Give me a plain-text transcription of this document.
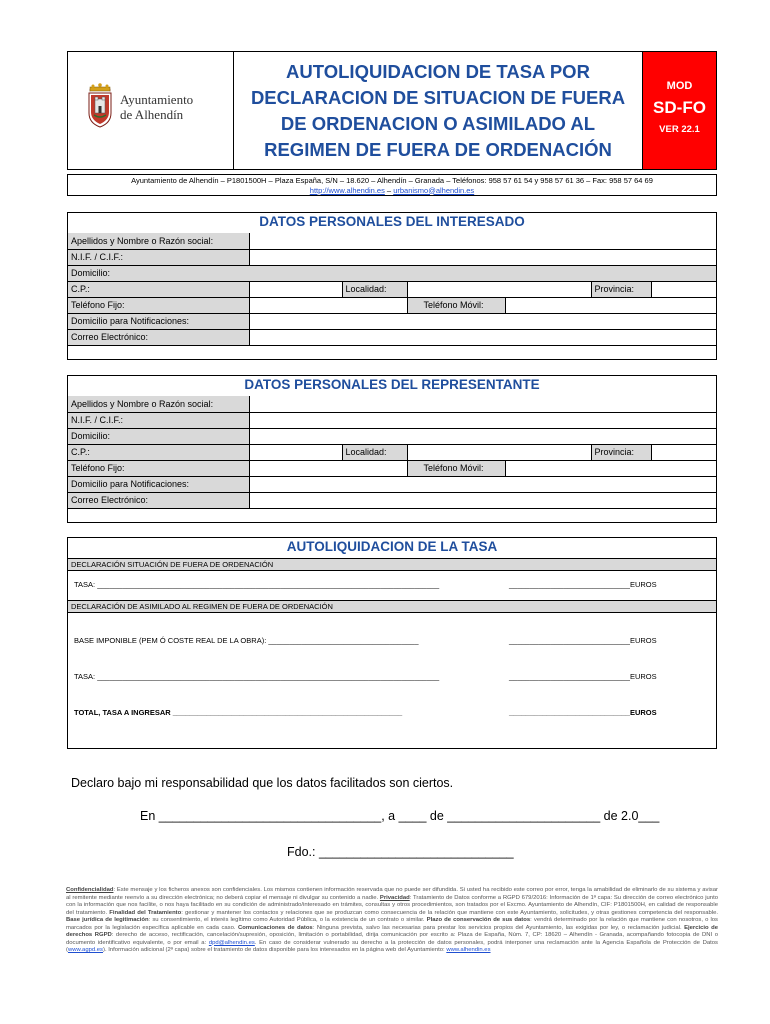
Ayuntamiento
de Alhendín

AUTOLIQUIDACION DE TASA POR
DECLARACION DE SITUACION DE FUERA
DE ORDENACION O ASIMILADO AL
REGIMEN DE FUERA DE ORDENACIÓN

MOD
SD-FO
VER 22.1
Ayuntamiento de Alhendín – P1801500H – Plaza España, S/N – 18.620 – Alhendín – Granada – Teléfonos: 958 57 61 54 y 958 57 61 36 – Fax: 958 57 64 69
http://www.alhendin.es – urbanismo@alhendin.es
DATOS PERSONALES DEL INTERESADO
Apellidos y Nombre o Razón social:					
N.I.F. / C.I.F.:					
Domicilio:					
C.P.:		Localidad:			Provincia:

Teléfono Fijo:			Teléfono Móvil:		
Domicilio para Notificaciones:					
Correo Electrónico:					
DATOS PERSONALES DEL REPRESENTANTE
Apellidos y Nombre o Razón social:					
N.I.F. / C.I.F.:					
Domicilio:					
C.P.:		Localidad:			Provincia:

Teléfono Fijo:			Teléfono Móvil:		
Domicilio para Notificaciones:					
Correo Electrónico:					
AUTOLIQUIDACION DE LA TASA
DECLARACIÓN SITUACIÓN DE FUERA DE ORDENACIÓN
TASA: __________________________________________________________________________________	_____________________________EUROS
DECLARACIÓN DE ASIMILADO AL REGIMEN DE FUERA DE ORDENACIÓN
BASE IMPONIBLE (PEM Ó COSTE REAL DE LA OBRA): ____________________________________	_____________________________EUROS
TASA: __________________________________________________________________________________	_____________________________EUROS
TOTAL, TASA A INGRESAR _______________________________________________________	_____________________________EUROS
Declaro bajo mi responsabilidad que los datos facilitados son ciertos.
En ________________________________, a ____ de ______________________ de 2.0___
Fdo.: ____________________________
Confidencialidad: Este mensaje y los ficheros anexos son confidenciales. Los mismos contienen información reservada que no puede ser difundida. Si usted ha recibido este correo por error, tenga la amabilidad de eliminarlo de su sistema y avisar al remitente mediante reenvío a su dirección electrónica; no deberá copiar el mensaje ni divulgar su contenido a nadie. Privacidad: Tratamiento de Datos conforme a RGPD 679/2016: Información de 1ª capa: Su dirección de correo electrónico junto con la información que nos facilite, o nos haya facilitado en su condición de administrado/interesado en trámites, consultas y otros procedimientos, son tratados por el Excmo. Ayuntamiento de Alhendín, CIF: P1801500H, en calidad de responsable del tratamiento. Finalidad del Tratamiento: gestionar y mantener los contactos y relaciones que se produzcan como consecuencia de la relación que mantiene con este Ayuntamiento, solicitudes, y otras gestiones competencia del responsable. Base jurídica de legitimación: su consentimiento, el interés legítimo como Autoridad Pública, o la existencia de un contrato o similar. Plazo de conservación de sus datos: vendrá determinado por la relación que mantiene con nosotros, o los marcados por la legislación específica aplicable en cada caso. Comunicaciones de datos: Ninguna prevista, salvo las necesarias para prestar los servicios propios del Ayuntamiento, las exigidas por ley, o reclamación judicial. Ejercicio de derechos RGPD: derecho de acceso, rectificación, cancelación/supresión, oposición, limitación o portabilidad, dirija comunicación por escrito a: Plaza de España, Núm. 7, CP: 18620 – Alhendín - Granada, acompañando fotocopia de DNI o documento identificativo equivalente, o por email a: dpd@alhendin.es. En caso de considerar vulnerado su derecho a la protección de datos personales, podrá interponer una reclamación ante la Agencia Española de Protección de Datos (www.agpd.es). Información adicional (2ª capa) sobre el tratamiento de datos disponible para los interesados en la página web del Ayuntamiento: www.alhendin.es
